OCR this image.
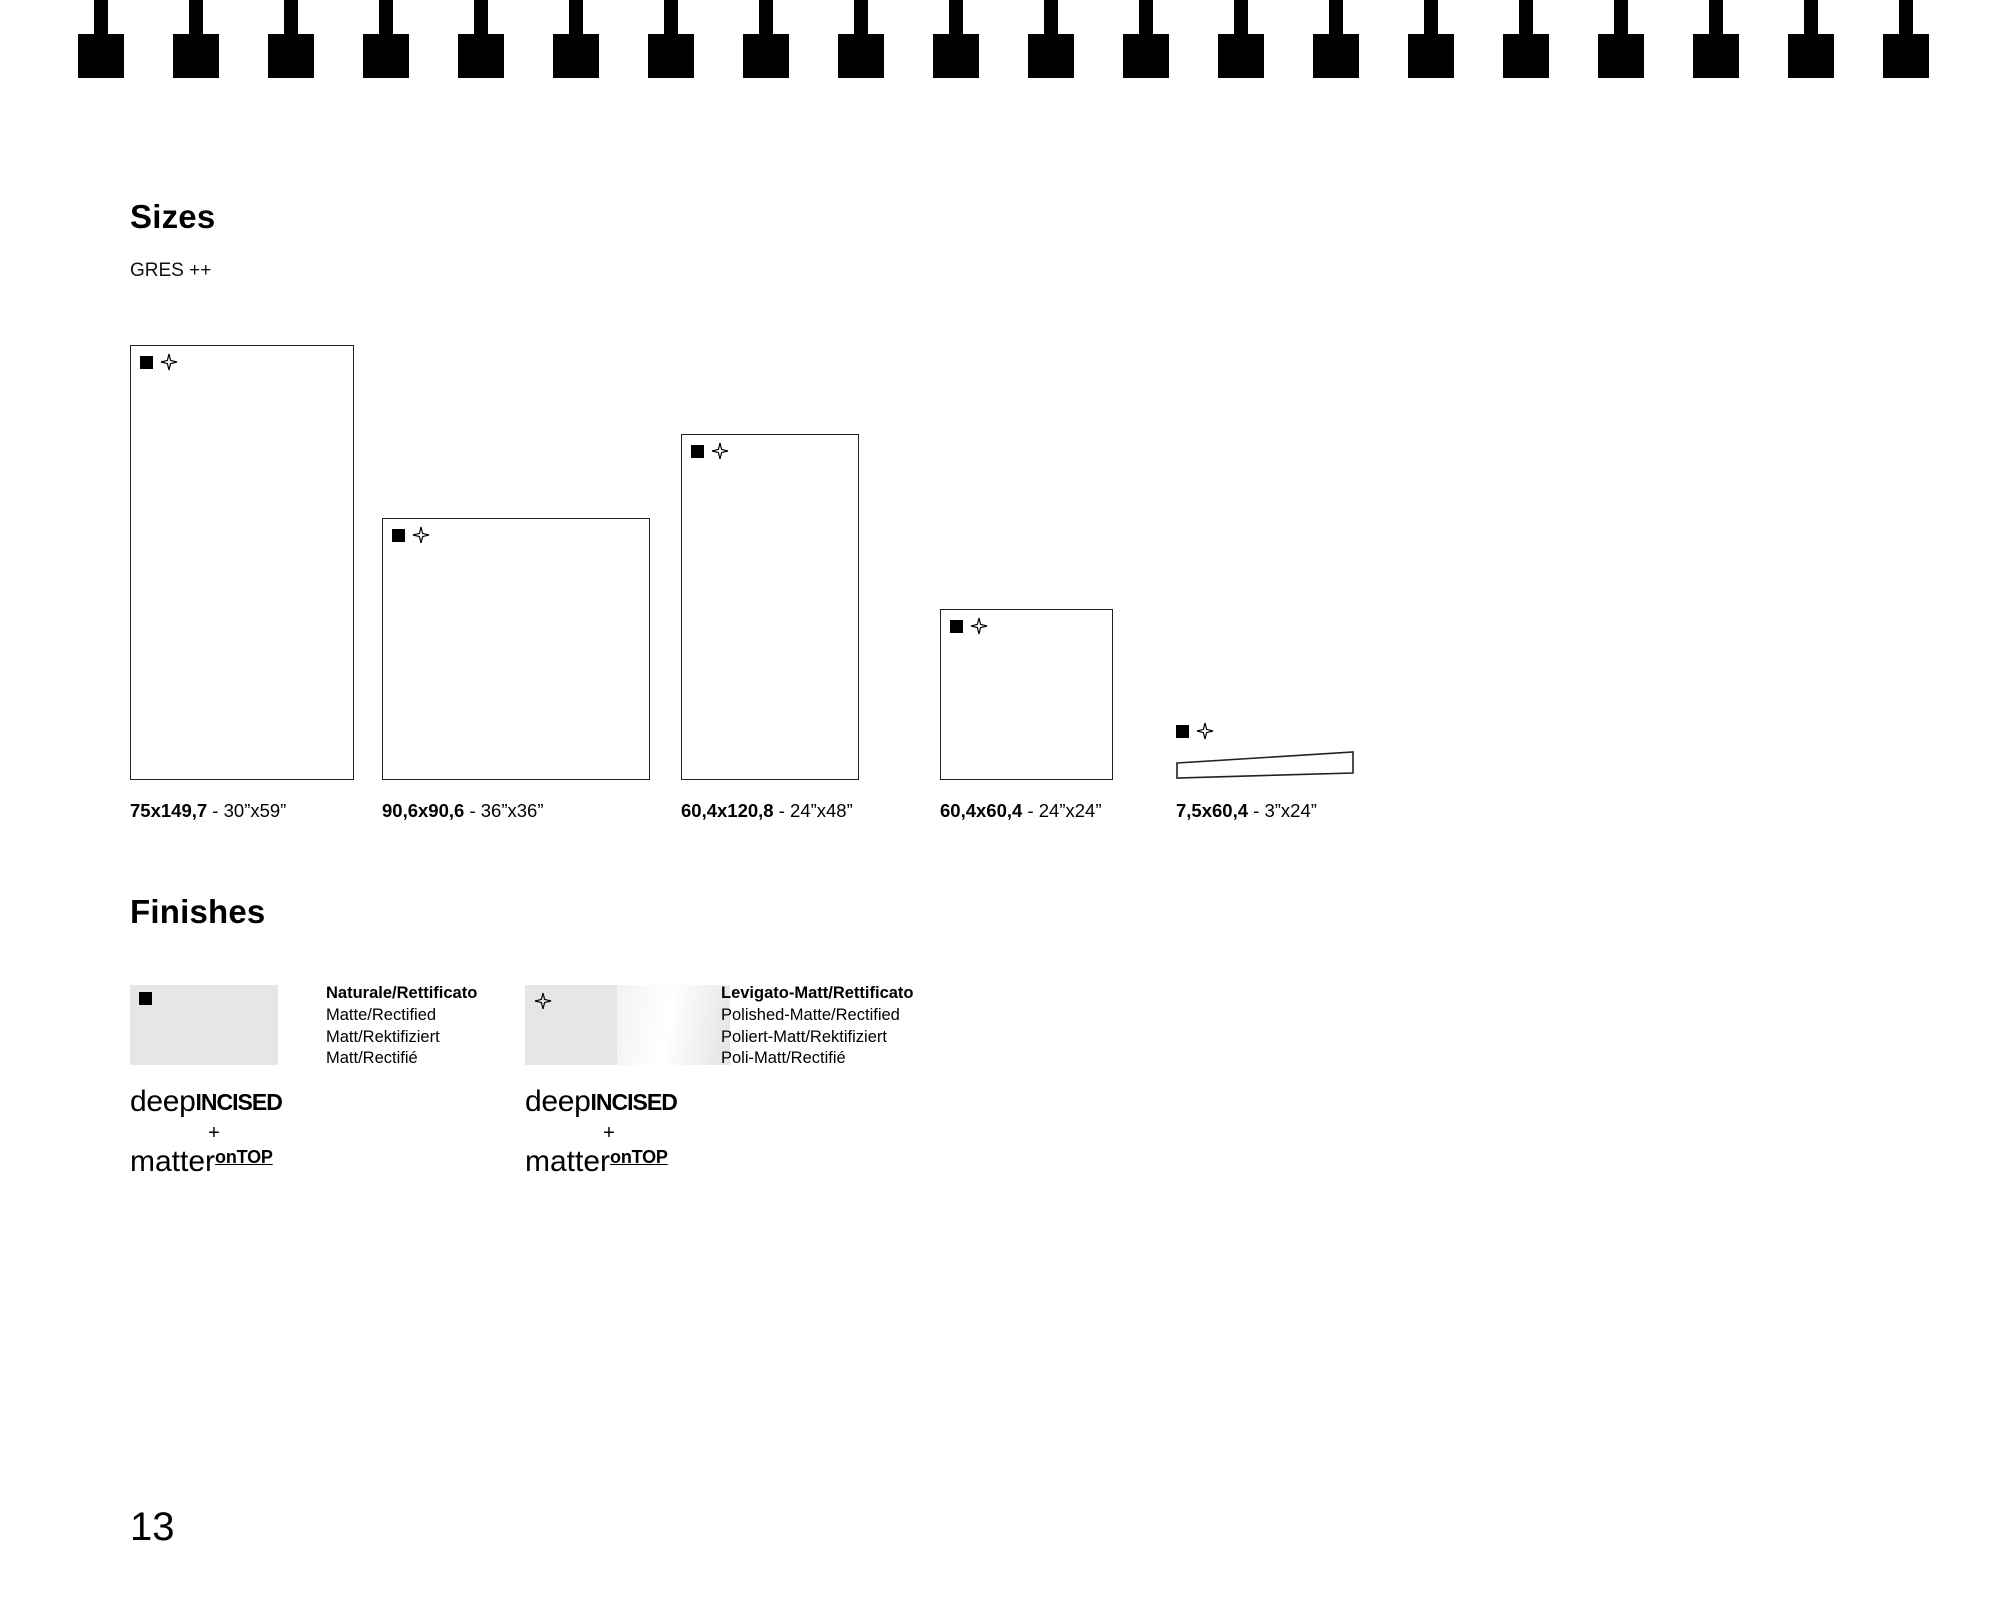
Sizes
GRES ++
75x149,7 - 30”x59”	90,6x90,6 - 36”x36”	60,4x120,8 - 24”x48”	60,4x60,4 - 24”x24”	7,5x60,4 - 3”x24”
Finishes
Naturale/Rettificato
Matte/Rectified
Matt/Rektifiziert
Matt/Rectifié
deepINCISED
+
matter$^{onTOP}$
Levigato-Matt/Rettificato
Polished-Matte/Rectified
Poliert-Matt/Rektifiziert
Poli-Matt/Rectifié
deepINCISED
+
matter$^{onTOP}$
13
